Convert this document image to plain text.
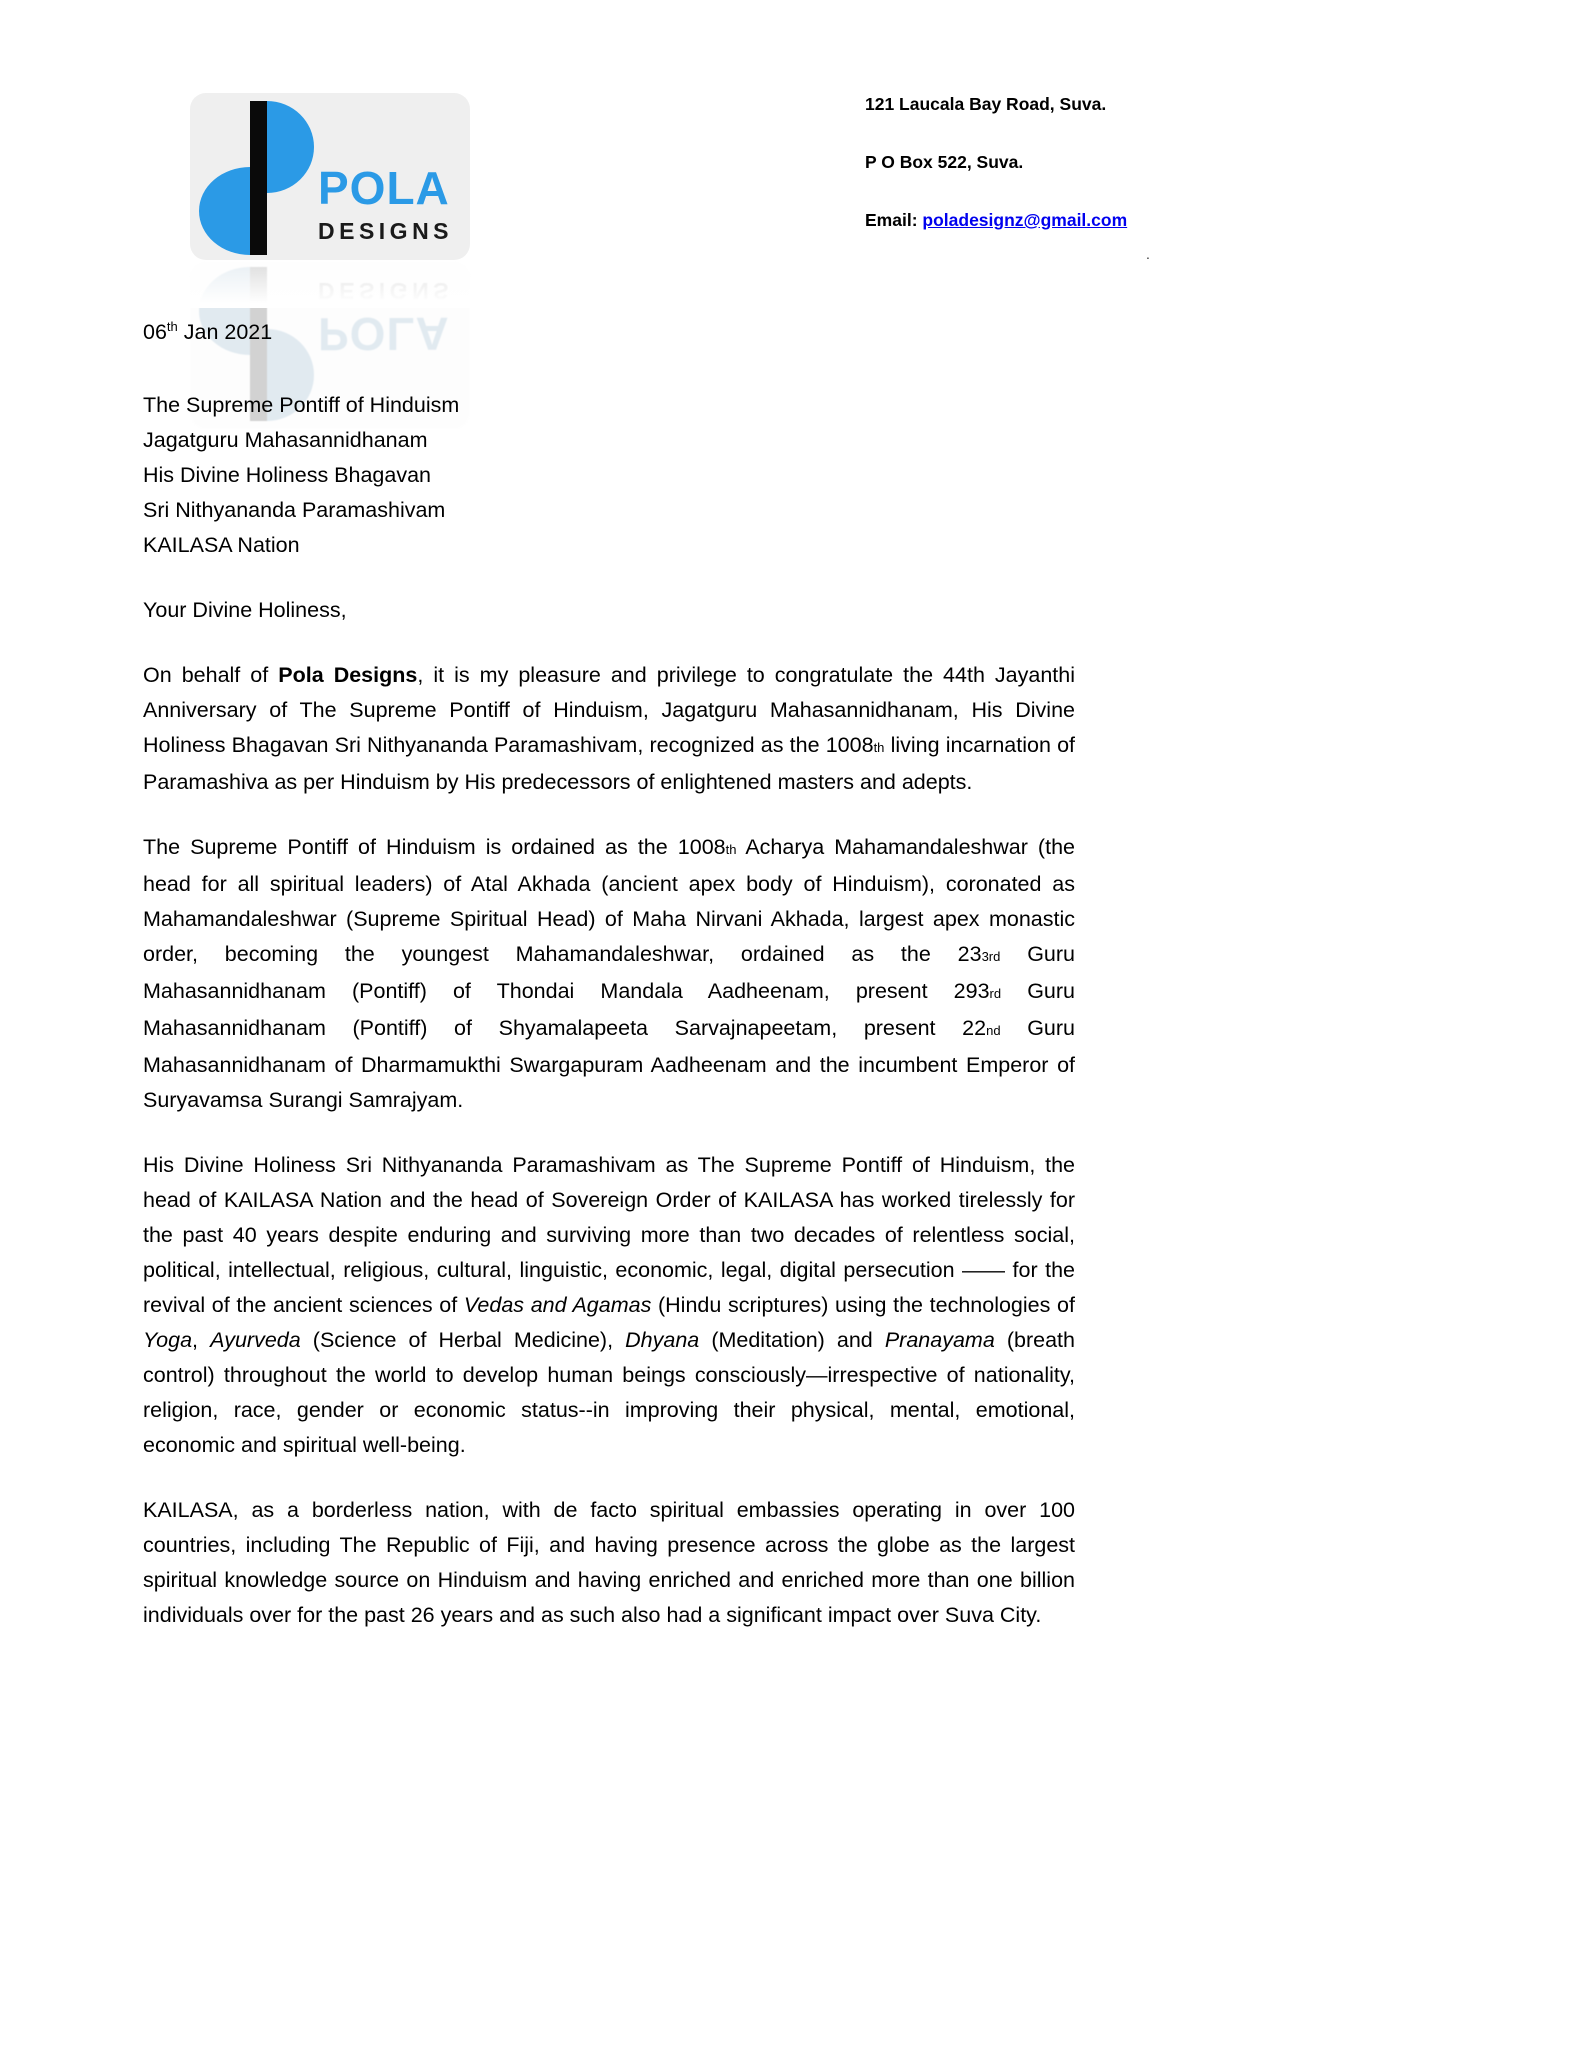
POLA
DESIGNS
POLA
DESIGNS
121 Laucala Bay Road, Suva.
P O Box 522, Suva.
Email: poladesignz@gmail.com
.
06th Jan 2021
The Supreme Pontiff of Hinduism
Jagatguru Mahasannidhanam
His Divine Holiness Bhagavan
Sri Nithyananda Paramashivam
KAILASA Nation
Your Divine Holiness,

On behalf of Pola Designs, it is my pleasure and privilege to congratulate the 44th Jayanthi Anniversary of The Supreme Pontiff of Hinduism, Jagatguru Mahasannidhanam, His Divine Holiness Bhagavan Sri Nithyananda Paramashivam, recognized as the 1008th living incarnation of Paramashiva as per Hinduism by His predecessors of enlightened masters and adepts.

The Supreme Pontiff of Hinduism is ordained as the 1008th Acharya Mahamandaleshwar (the head for all spiritual leaders) of Atal Akhada (ancient apex body of Hinduism), coronated as Mahamandaleshwar (Supreme Spiritual Head) of Maha Nirvani Akhada, largest apex monastic order, becoming the youngest Mahamandaleshwar, ordained as the 233rd Guru Mahasannidhanam (Pontiff) of Thondai Mandala Aadheenam, present 293rd Guru Mahasannidhanam (Pontiff) of Shyamalapeeta Sarvajnapeetam, present 22nd Guru Mahasannidhanam of Dharmamukthi Swargapuram Aadheenam and the incumbent Emperor of Suryavamsa Surangi Samrajyam.

His Divine Holiness Sri Nithyananda Paramashivam as The Supreme Pontiff of Hinduism, the head of KAILASA Nation and the head of Sovereign Order of KAILASA has worked tirelessly for the past 40 years despite enduring and surviving more than two decades of relentless social, political, intellectual, religious, cultural, linguistic, economic, legal, digital persecution —— for the revival of the ancient sciences of Vedas and Agamas (Hindu scriptures) using the technologies of Yoga, Ayurveda (Science of Herbal Medicine), Dhyana (Meditation) and Pranayama (breath control) throughout the world to develop human beings consciously—irrespective of nationality, religion, race, gender or economic status--in improving their physical, mental, emotional, economic and spiritual well-being.

KAILASA, as a borderless nation, with de facto spiritual embassies operating in over 100 countries, including The Republic of Fiji, and having presence across the globe as the largest spiritual knowledge source on Hinduism and having enriched and enriched more than one billion individuals over for the past 26 years and as such also had a significant impact over Suva City.
